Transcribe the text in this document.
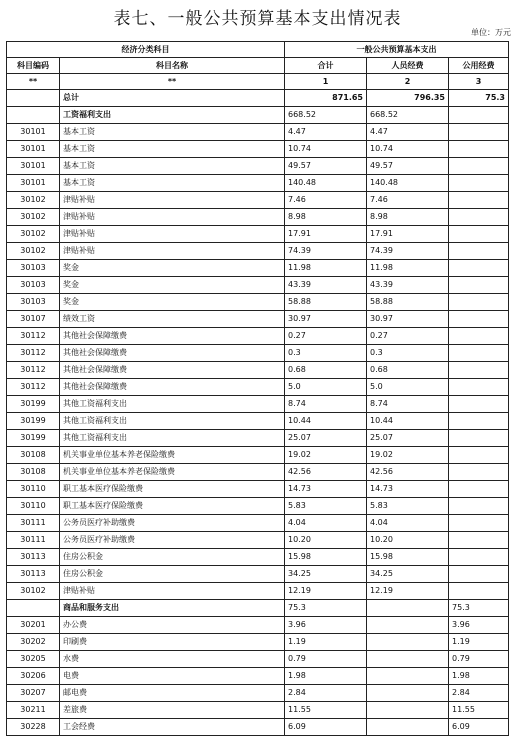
表七、一般公共预算基本支出情况表
单位：万元
经济分类科目		一般公共预算基本支出		
科目编码	科目名称	合计	人员经费	公用经费
**	**	1	2	3
	总计	871.65	796.35	75.3
	工资福利支出	668.52	668.52	
30101	基本工资	4.47	4.47	
30101	基本工资	10.74	10.74	
30101	基本工资	49.57	49.57	
30101	基本工资	140.48	140.48	
30102	津贴补贴	7.46	7.46	
30102	津贴补贴	8.98	8.98	
30102	津贴补贴	17.91	17.91	
30102	津贴补贴	74.39	74.39	
30103	奖金	11.98	11.98	
30103	奖金	43.39	43.39	
30103	奖金	58.88	58.88	
30107	绩效工资	30.97	30.97	
30112	其他社会保障缴费	0.27	0.27	
30112	其他社会保障缴费	0.3	0.3	
30112	其他社会保障缴费	0.68	0.68	
30112	其他社会保障缴费	5.0	5.0	
30199	其他工资福利支出	8.74	8.74	
30199	其他工资福利支出	10.44	10.44	
30199	其他工资福利支出	25.07	25.07	
30108	机关事业单位基本养老保险缴费	19.02	19.02	
30108	机关事业单位基本养老保险缴费	42.56	42.56	
30110	职工基本医疗保险缴费	14.73	14.73	
30110	职工基本医疗保险缴费	5.83	5.83	
30111	公务员医疗补助缴费	4.04	4.04	
30111	公务员医疗补助缴费	10.20	10.20	
30113	住房公积金	15.98	15.98	
30113	住房公积金	34.25	34.25	
30102	津贴补贴	12.19	12.19	
	商品和服务支出	75.3		75.3
30201	办公费	3.96		3.96
30202	印刷费	1.19		1.19
30205	水费	0.79		0.79
30206	电费	1.98		1.98
30207	邮电费	2.84		2.84
30211	差旅费	11.55		11.55
30228	工会经费	6.09		6.09
